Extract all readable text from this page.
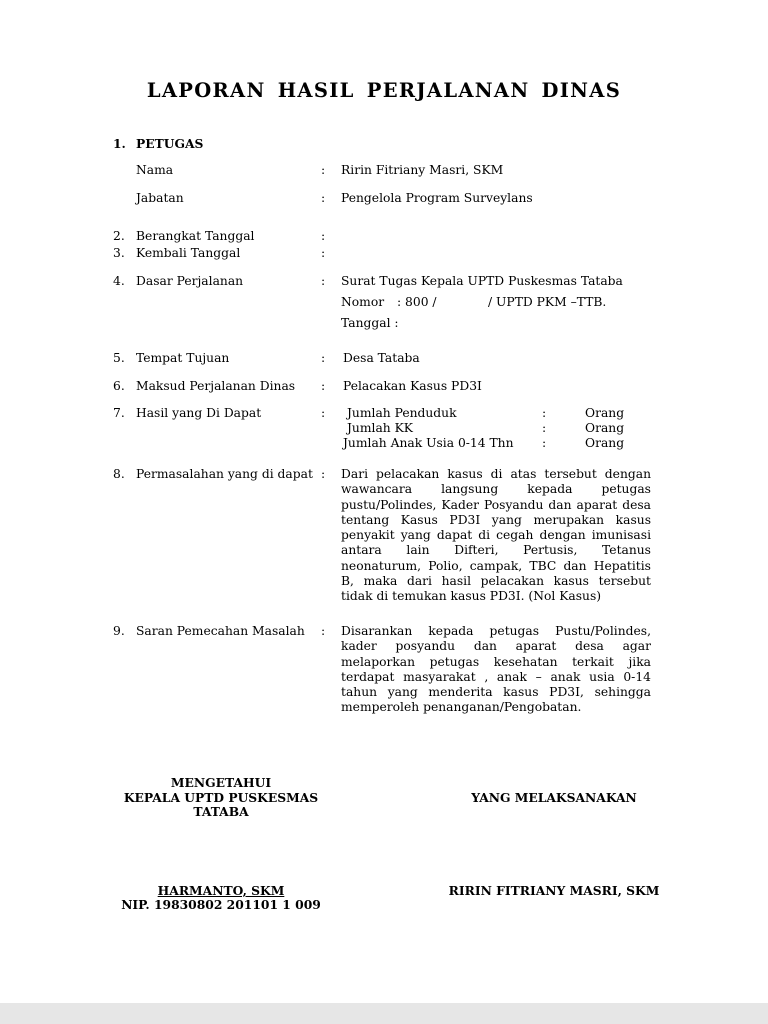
LAPORAN HASIL PERJALANAN DINAS
1. PETUGAS
Nama	: Ririn Fitriany Masri, SKM
Jabatan	: Pengelola Program Surveylans
2. Berangkat Tanggal	:
3. Kembali Tanggal	:
4. Dasar Perjalanan	: Surat Tugas Kepala UPTD Puskesmas Tataba
Nomor : 800 /	/ UPTD PKM –TTB.
Tanggal :
5. Tempat Tujuan	: Desa Tataba
6. Maksud Perjalanan Dinas : Pelacakan Kasus PD3I
7. Hasil yang Di Dapat	: Jumlah Penduduk	:	Orang
Jumlah KK	:	Orang
Jumlah Anak Usia 0-14 Thn :	Orang
8. Permasalahan yang di dapat : Dari pelacakan kasus di atas tersebut dengan wawancara langsung kepada petugas pustu/Polindes, Kader Posyandu dan aparat desa tentang Kasus PD3I yang merupakan kasus penyakit yang dapat di cegah dengan imunisasi antara lain Difteri, Pertusis, Tetanus neonaturum, Polio, campak, TBC dan Hepatitis B, maka dari hasil pelacakan kasus tersebut tidak di temukan kasus PD3I. (Nol Kasus)
9. Saran Pemecahan Masalah : Disarankan kepada petugas Pustu/Polindes, kader posyandu dan aparat desa agar melaporkan petugas kesehatan terkait jika terdapat masyarakat , anak – anak usia 0-14 tahun yang menderita kasus PD3I, sehingga memperoleh penanganan/Pengobatan.
MENGETAHUI
KEPALA UPTD PUSKESMAS
TATABA
HARMANTO, SKM
NIP. 19830802 201101 1 009
YANG MELAKSANAKAN
RIRIN FITRIANY MASRI, SKM
